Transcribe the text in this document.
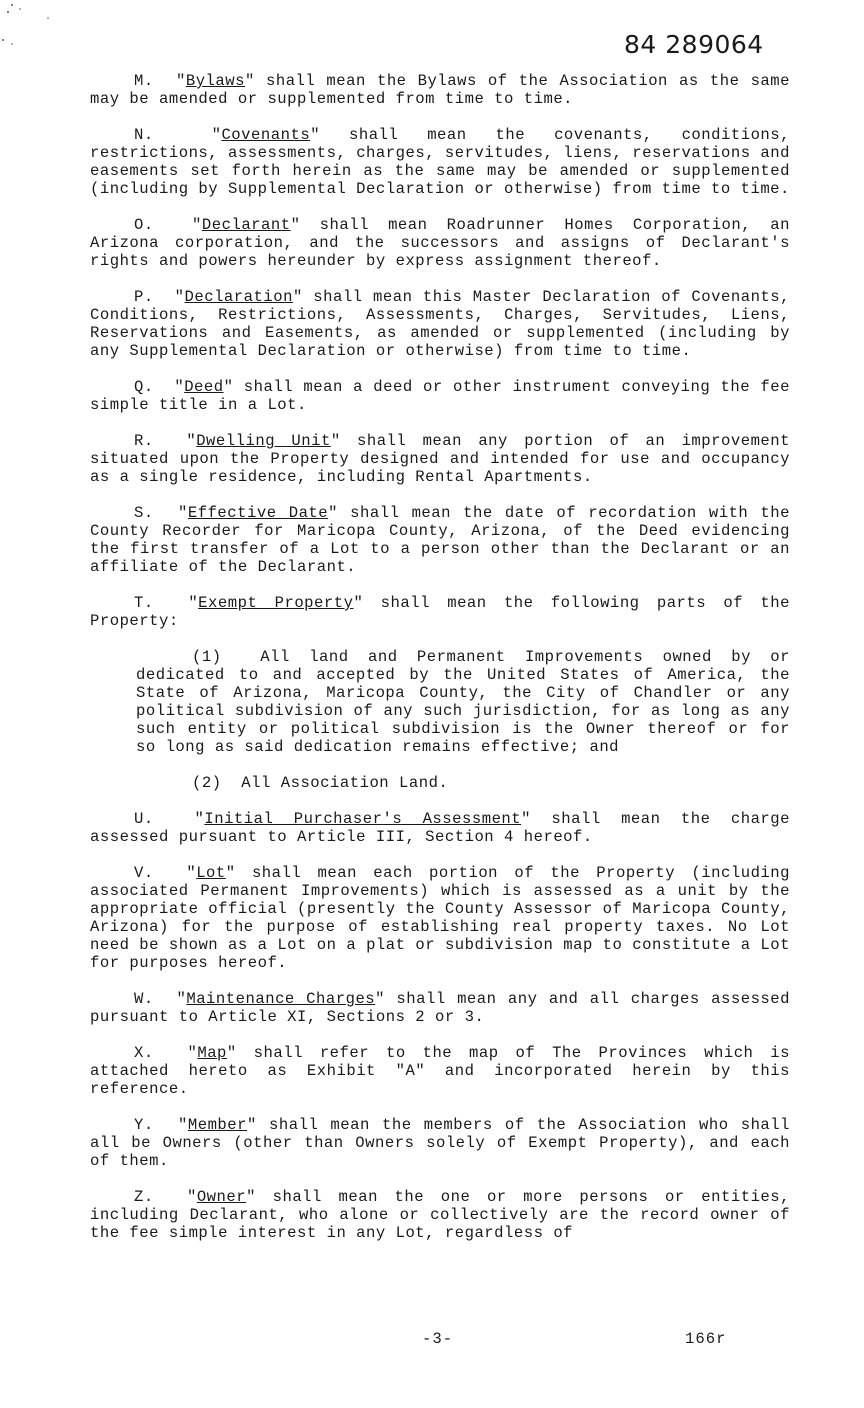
84 289064
M. "Bylaws" shall mean the Bylaws of the Association as the same may be amended or supplemented from time to time.
N.	"Covenants" shall mean the covenants, conditions, restrictions, assessments, charges, servitudes, liens, reservations and easements set forth herein as the same may be amended or supplemented (including by Supplemental Declaration or otherwise) from time to time.
O. "Declarant" shall mean Roadrunner Homes Corporation, an Arizona corporation, and the successors and assigns of Declarant's rights and powers hereunder by express assignment thereof.
P. "Declaration" shall mean this Master Declaration of Covenants, Conditions, Restrictions, Assessments, Charges, Servitudes, Liens, Reservations and Easements, as amended or supplemented (including by any Supplemental Declaration or otherwise) from time to time.
Q. "Deed" shall mean a deed or other instrument conveying the fee simple title in a Lot.
R. "Dwelling Unit" shall mean any portion of an improvement situated upon the Property designed and intended for use and occupancy as a single residence, including Rental Apartments.
S. "Effective Date" shall mean the date of recordation with the County Recorder for Maricopa County, Arizona, of the Deed evidencing the first transfer of a Lot to a person other than the Declarant or an affiliate of the Declarant.
T. "Exempt Property" shall mean the following parts of the Property:
(1) All land and Permanent Improvements owned by or dedicated to and accepted by the United States of America, the State of Arizona, Maricopa County, the City of Chandler or any political subdivision of any such jurisdiction, for as long as any such entity or political subdivision is the Owner thereof or for so long as said dedication remains effective; and
(2) All Association Land.
U.	"Initial Purchaser's Assessment" shall mean the charge assessed pursuant to Article III, Section 4 hereof.
V. "Lot" shall mean each portion of the Property (including associated Permanent Improvements) which is assessed as a unit by the appropriate official (presently the County Assessor of Maricopa County, Arizona) for the purpose of establishing real property taxes. No Lot need be shown as a Lot on a plat or subdivision map to constitute a Lot for purposes hereof.
W. "Maintenance Charges" shall mean any and all charges assessed pursuant to Article XI, Sections 2 or 3.
X. "Map" shall refer to the map of The Provinces which is attached hereto as Exhibit "A" and incorporated herein by this reference.
Y. "Member" shall mean the members of the Association who shall all be Owners (other than Owners solely of Exempt Property), and each of them.
Z. "Owner" shall mean the one or more persons or entities, including Declarant, who alone or collectively are the record owner of the fee simple interest in any Lot, regardless of
-3-	166r
